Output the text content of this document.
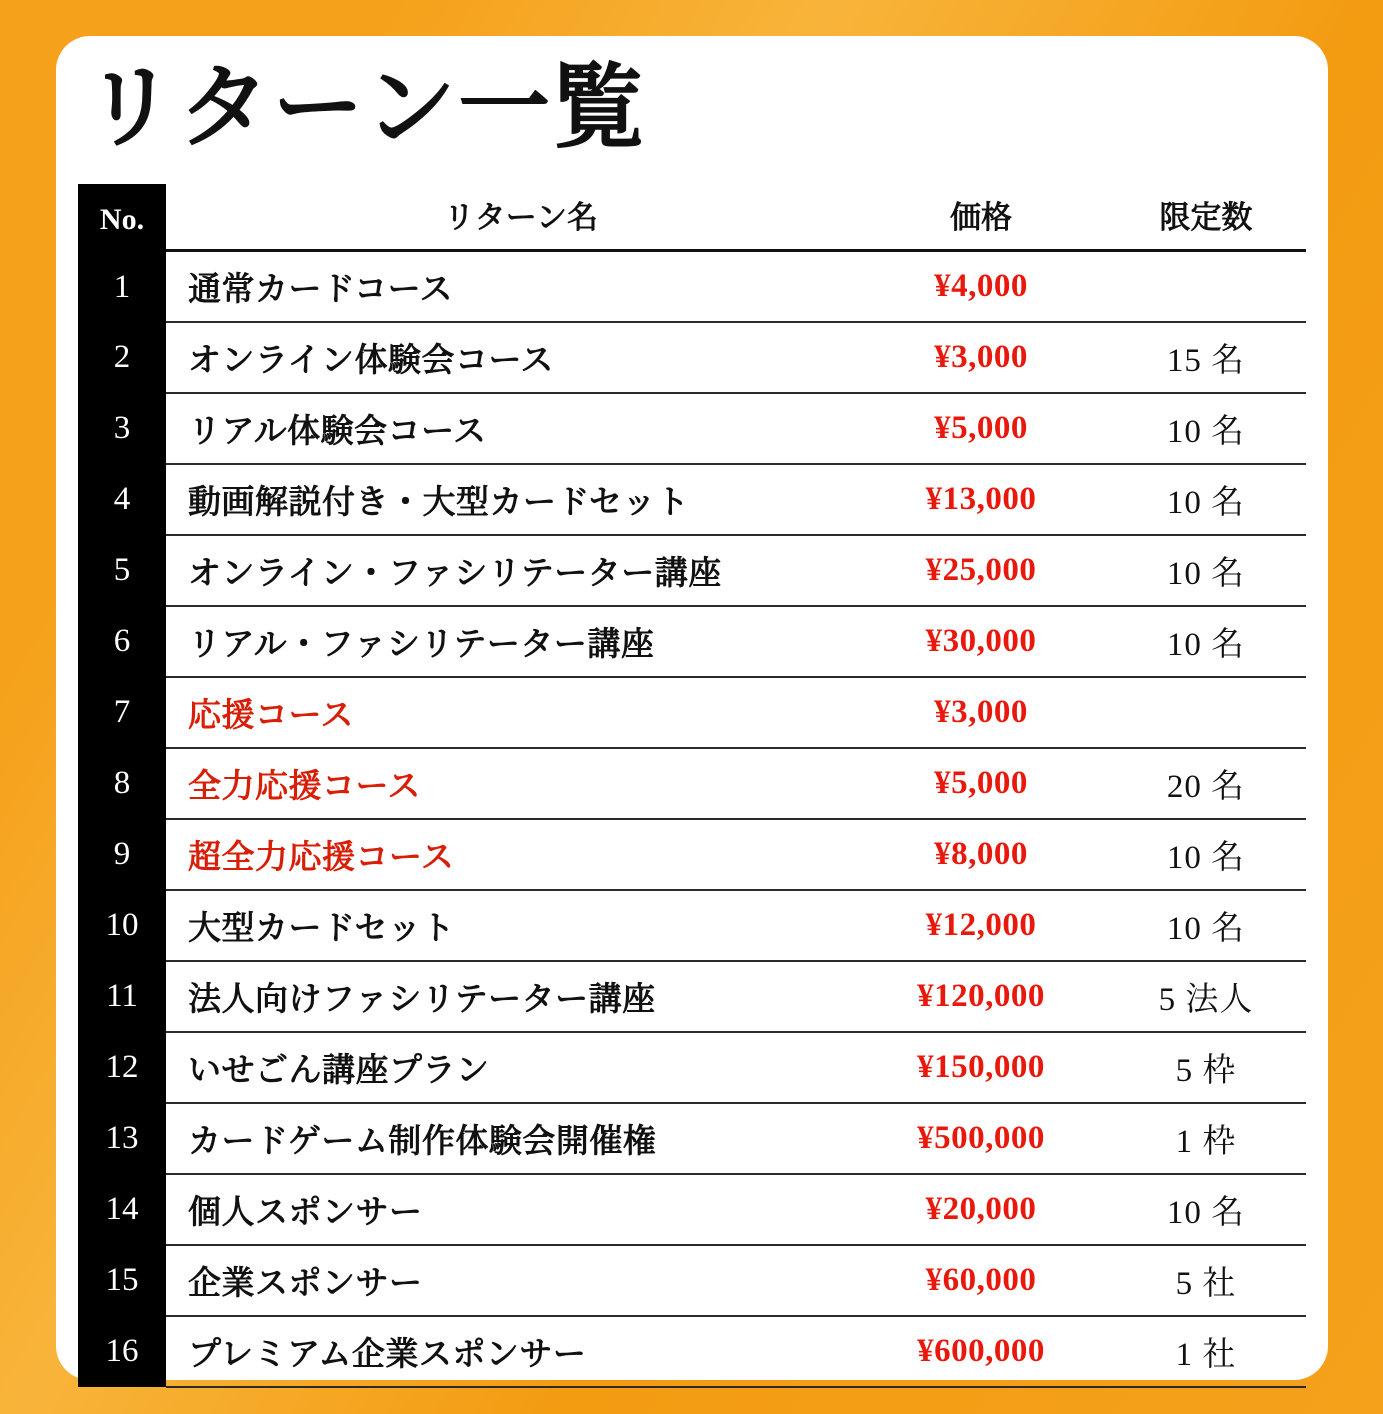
リターン一覧
No.	リターン名	価格	限定数
1	通常カードコース	¥4,000	
2	オンライン体験会コース	¥3,000	15 名
3	リアル体験会コース	¥5,000	10 名
4	動画解説付き・大型カードセット	¥13,000	10 名
5	オンライン・ファシリテーター講座	¥25,000	10 名
6	リアル・ファシリテーター講座	¥30,000	10 名
7	応援コース	¥3,000	
8	全力応援コース	¥5,000	20 名
9	超全力応援コース	¥8,000	10 名
10	大型カードセット	¥12,000	10 名
11	法人向けファシリテーター講座	¥120,000	5 法人
12	いせごん講座プラン	¥150,000	5 枠
13	カードゲーム制作体験会開催権	¥500,000	1 枠
14	個人スポンサー	¥20,000	10 名
15	企業スポンサー	¥60,000	5 社
16	プレミアム企業スポンサー	¥600,000	1 社
